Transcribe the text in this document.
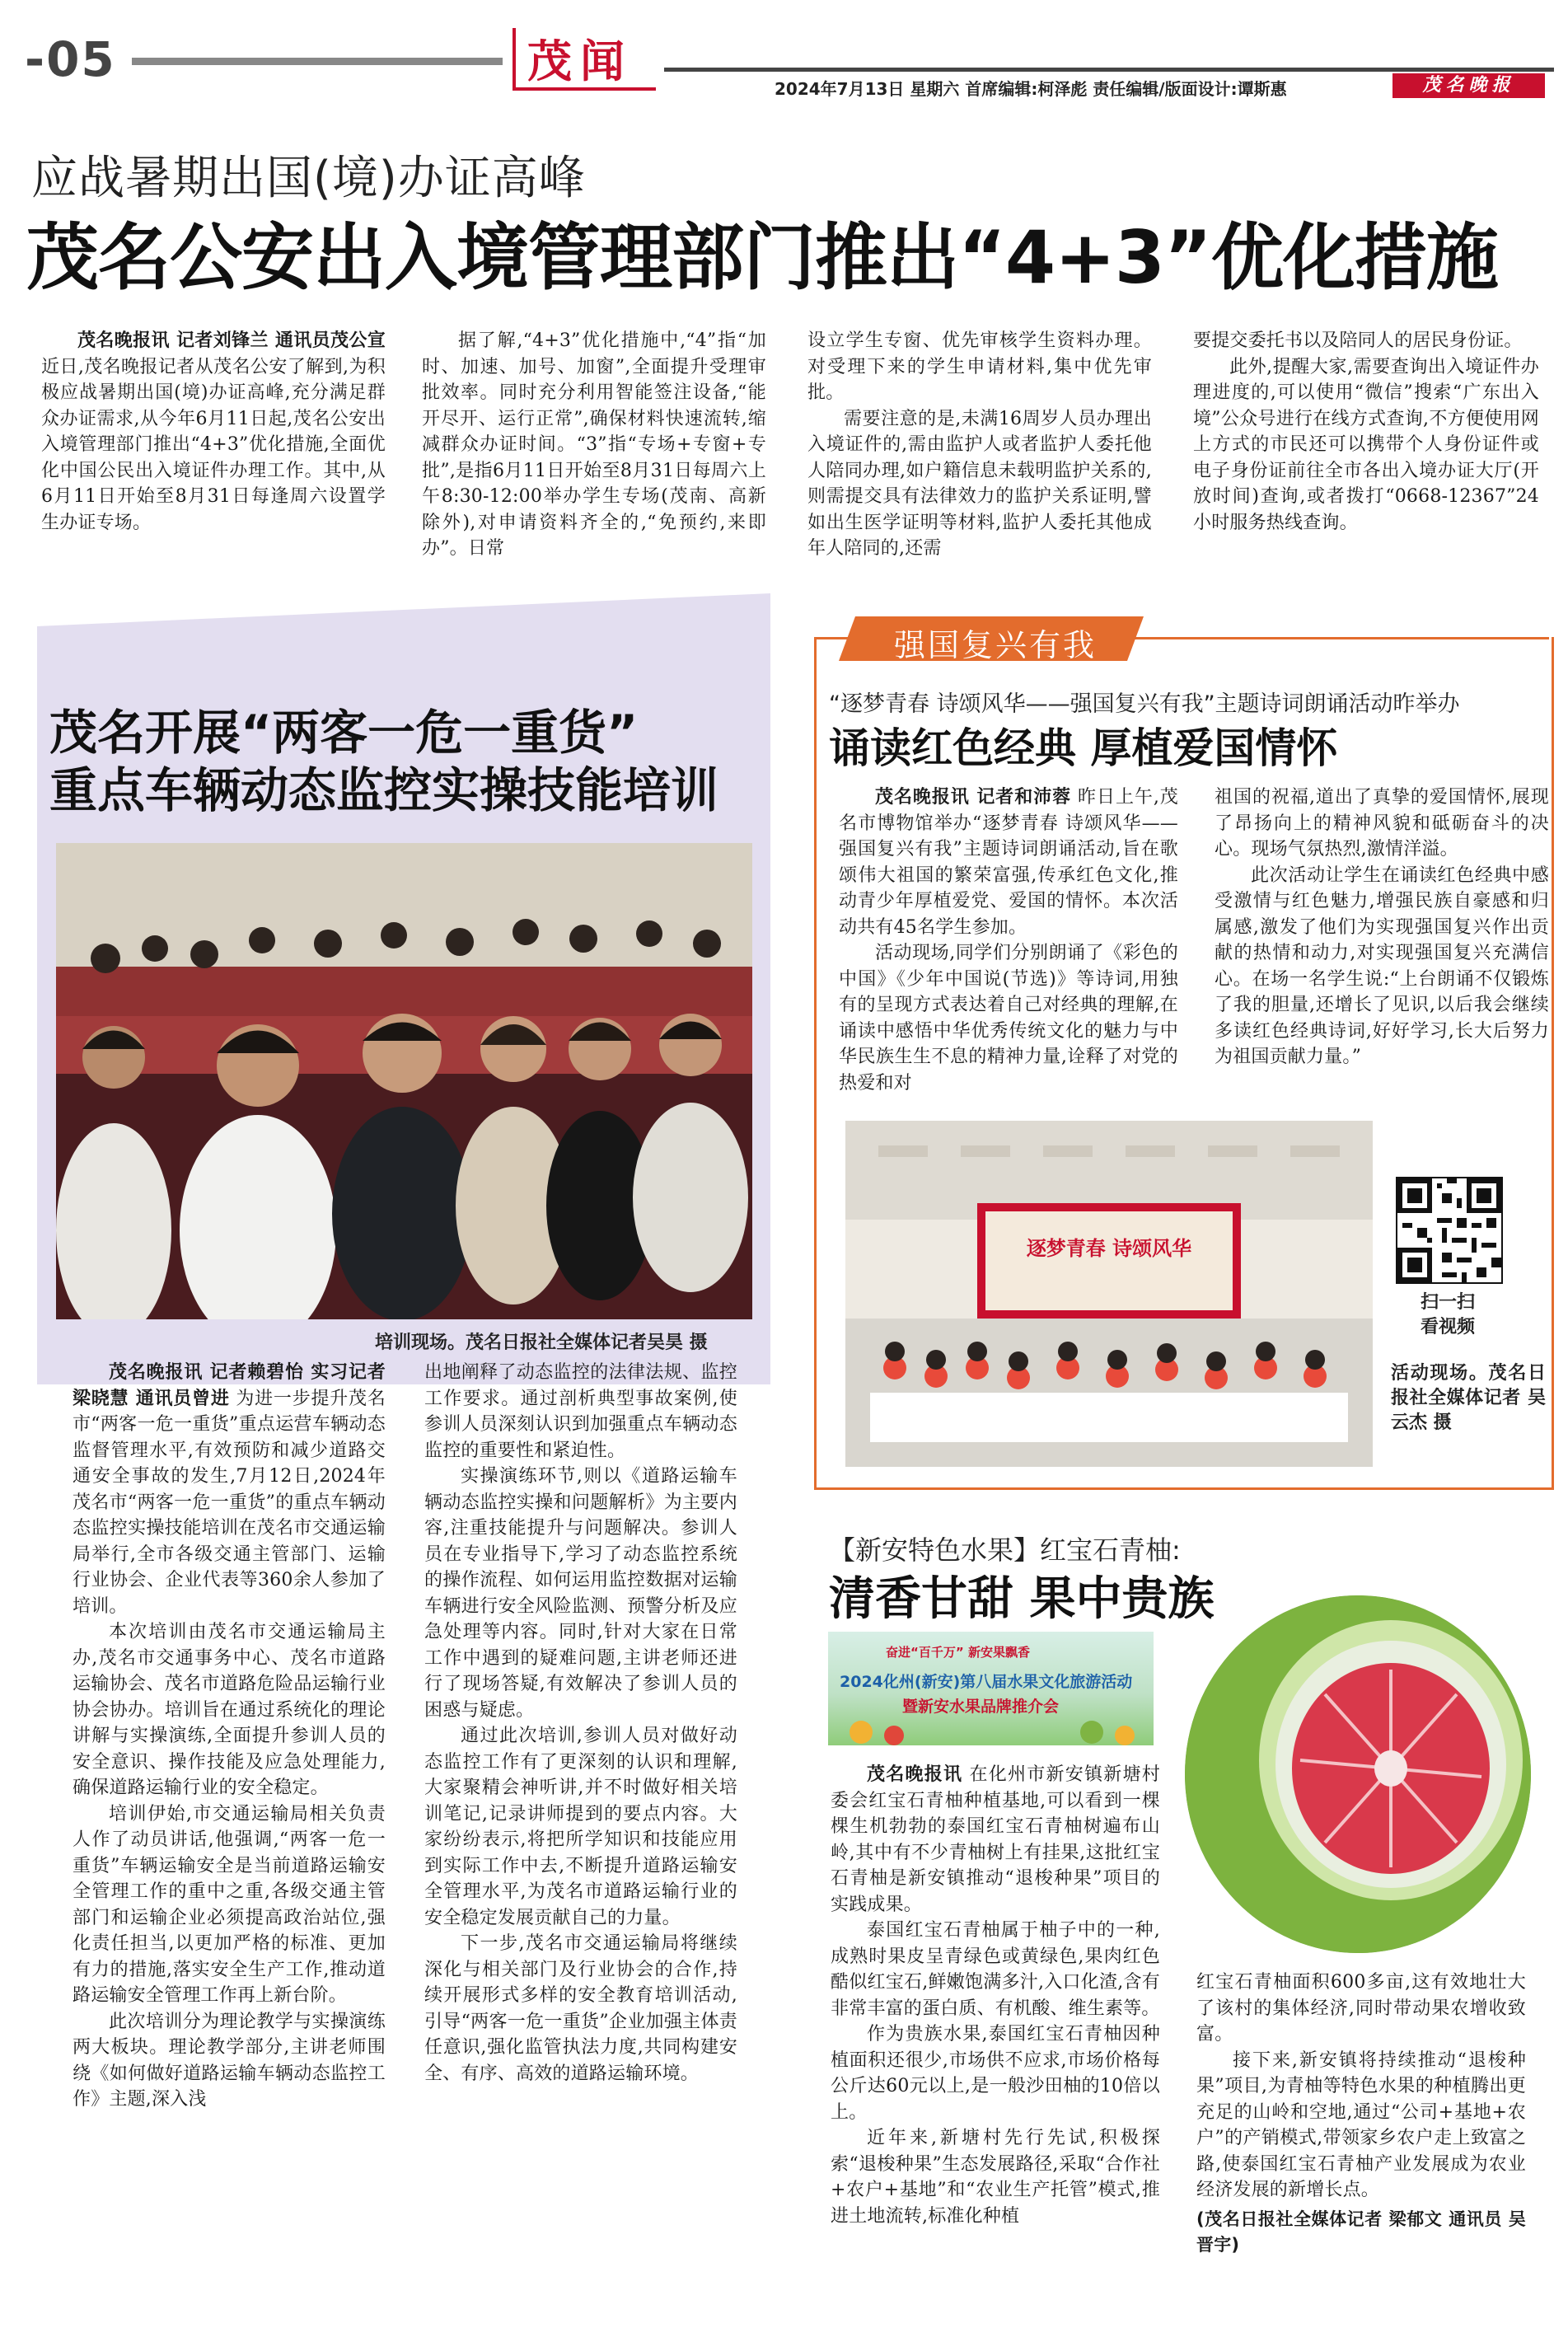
-05	茂闻
2024年7月13日 星期六 首席编辑:柯泽彪 责任编辑/版面设计:谭斯惠	茂名晚报
应战暑期出国(境)办证高峰
茂名公安出入境管理部门推出“4+3”优化措施

茂名晚报讯 记者刘锋兰 通讯员茂公宣近日,茂名晚报记者从茂名公安了解到,为积极应战暑期出国(境)办证高峰,充分满足群众办证需求,从今年6月11日起,茂名公安出入境管理部门推出“4+3”优化措施,全面优化中国公民出入境证件办理工作。其中,从6月11日开始至8月31日每逢周六设置学生办证专场。

据了解,“4+3”优化措施中,“4”指“加时、加速、加号、加窗”,全面提升受理审批效率。同时充分利用智能签注设备,“能开尽开、运行正常”,确保材料快速流转,缩减群众办证时间。“3”指“专场+专窗+专批”,是指6月11日开始至8月31日每周六上午8:30-12:00举办学生专场(茂南、高新除外),对申请资料齐全的,“免预约,来即办”。日常

设立学生专窗、优先审核学生资料办理。对受理下来的学生申请材料,集中优先审批。

需要注意的是,未满16周岁人员办理出入境证件的,需由监护人或者监护人委托他人陪同办理,如户籍信息未载明监护关系的,则需提交具有法律效力的监护关系证明,譬如出生医学证明等材料,监护人委托其他成年人陪同的,还需

要提交委托书以及陪同人的居民身份证。

此外,提醒大家,需要查询出入境证件办理进度的,可以使用“微信”搜索“广东出入境”公众号进行在线方式查询,不方便使用网上方式的市民还可以携带个人身份证件或电子身份证前往全市各出入境办证大厅(开放时间)查询,或者拨打“0668-12367”24小时服务热线查询。

茂名开展“两客一危一重货”
重点车辆动态监控实操技能培训
培训现场。茂名日报社全媒体记者吴昊 摄

茂名晚报讯 记者赖碧怡 实习记者梁晓慧 通讯员曾进 为进一步提升茂名市“两客一危一重货”重点运营车辆动态监督管理水平,有效预防和减少道路交通安全事故的发生,7月12日,2024年茂名市“两客一危一重货”的重点车辆动态监控实操技能培训在茂名市交通运输局举行,全市各级交通主管部门、运输行业协会、企业代表等360余人参加了培训。

本次培训由茂名市交通运输局主办,茂名市交通事务中心、茂名市道路运输协会、茂名市道路危险品运输行业协会协办。培训旨在通过系统化的理论讲解与实操演练,全面提升参训人员的安全意识、操作技能及应急处理能力,确保道路运输行业的安全稳定。

培训伊始,市交通运输局相关负责人作了动员讲话,他强调,“两客一危一重货”车辆运输安全是当前道路运输安全管理工作的重中之重,各级交通主管部门和运输企业必须提高政治站位,强化责任担当,以更加严格的标准、更加有力的措施,落实安全生产工作,推动道路运输安全管理工作再上新台阶。

此次培训分为理论教学与实操演练两大板块。理论教学部分,主讲老师围绕《如何做好道路运输车辆动态监控工作》主题,深入浅

出地阐释了动态监控的法律法规、监控工作要求。通过剖析典型事故案例,使参训人员深刻认识到加强重点车辆动态监控的重要性和紧迫性。

实操演练环节,则以《道路运输车辆动态监控实操和问题解析》为主要内容,注重技能提升与问题解决。参训人员在专业指导下,学习了动态监控系统的操作流程、如何运用监控数据对运输车辆进行安全风险监测、预警分析及应急处理等内容。同时,针对大家在日常工作中遇到的疑难问题,主讲老师还进行了现场答疑,有效解决了参训人员的困惑与疑虑。

通过此次培训,参训人员对做好动态监控工作有了更深刻的认识和理解,大家聚精会神听讲,并不时做好相关培训笔记,记录讲师提到的要点内容。大家纷纷表示,将把所学知识和技能应用到实际工作中去,不断提升道路运输安全管理水平,为茂名市道路运输行业的安全稳定发展贡献自己的力量。

下一步,茂名市交通运输局将继续深化与相关部门及行业协会的合作,持续开展形式多样的安全教育培训活动,引导“两客一危一重货”企业加强主体责任意识,强化监管执法力度,共同构建安全、有序、高效的道路运输环境。

强国复兴有我
“逐梦青春 诗颂风华——强国复兴有我”主题诗词朗诵活动昨举办
诵读红色经典 厚植爱国情怀

茂名晚报讯 记者和沛蓉 昨日上午,茂名市博物馆举办“逐梦青春 诗颂风华——强国复兴有我”主题诗词朗诵活动,旨在歌颂伟大祖国的繁荣富强,传承红色文化,推动青少年厚植爱党、爱国的情怀。本次活动共有45名学生参加。

活动现场,同学们分别朗诵了《彩色的中国》《少年中国说(节选)》等诗词,用独有的呈现方式表达着自己对经典的理解,在诵读中感悟中华优秀传统文化的魅力与中华民族生生不息的精神力量,诠释了对党的热爱和对

祖国的祝福,道出了真挚的爱国情怀,展现了昂扬向上的精神风貌和砥砺奋斗的决心。现场气氛热烈,激情洋溢。

此次活动让学生在诵读红色经典中感受激情与红色魅力,增强民族自豪感和归属感,激发了他们为实现强国复兴作出贡献的热情和动力,对实现强国复兴充满信心。在场一名学生说:“上台朗诵不仅锻炼了我的胆量,还增长了见识,以后我会继续多读红色经典诗词,好好学习,长大后努力为祖国贡献力量。”

逐梦青春 诗颂风华
扫一扫
看视频
活动现场。茂名日报社全媒体记者 吴云杰 摄
【新安特色水果】红宝石青柚:
清香甘甜 果中贵族
奋进“百千万” 新安果飘香
2024化州(新安)第八届水果文化旅游活动
暨新安水果品牌推介会

茂名晚报讯 在化州市新安镇新塘村委会红宝石青柚种植基地,可以看到一棵棵生机勃勃的泰国红宝石青柚树遍布山岭,其中有不少青柚树上有挂果,这批红宝石青柚是新安镇推动“退梭种果”项目的实践成果。

泰国红宝石青柚属于柚子中的一种,成熟时果皮呈青绿色或黄绿色,果肉红色酷似红宝石,鲜嫩饱满多汁,入口化渣,含有非常丰富的蛋白质、有机酸、维生素等。

作为贵族水果,泰国红宝石青柚因种植面积还很少,市场供不应求,市场价格每公斤达60元以上,是一般沙田柚的10倍以上。

近年来,新塘村先行先试,积极探索“退梭种果”生态发展路径,采取“合作社+农户+基地”和“农业生产托管”模式,推进土地流转,标准化种植

红宝石青柚面积600多亩,这有效地壮大了该村的集体经济,同时带动果农增收致富。

接下来,新安镇将持续推动“退梭种果”项目,为青柚等特色水果的种植腾出更充足的山岭和空地,通过“公司+基地+农户”的产销模式,带领家乡农户走上致富之路,使泰国红宝石青柚产业发展成为农业经济发展的新增长点。

(茂名日报社全媒体记者 梁郁文 通讯员 吴晋宇)
